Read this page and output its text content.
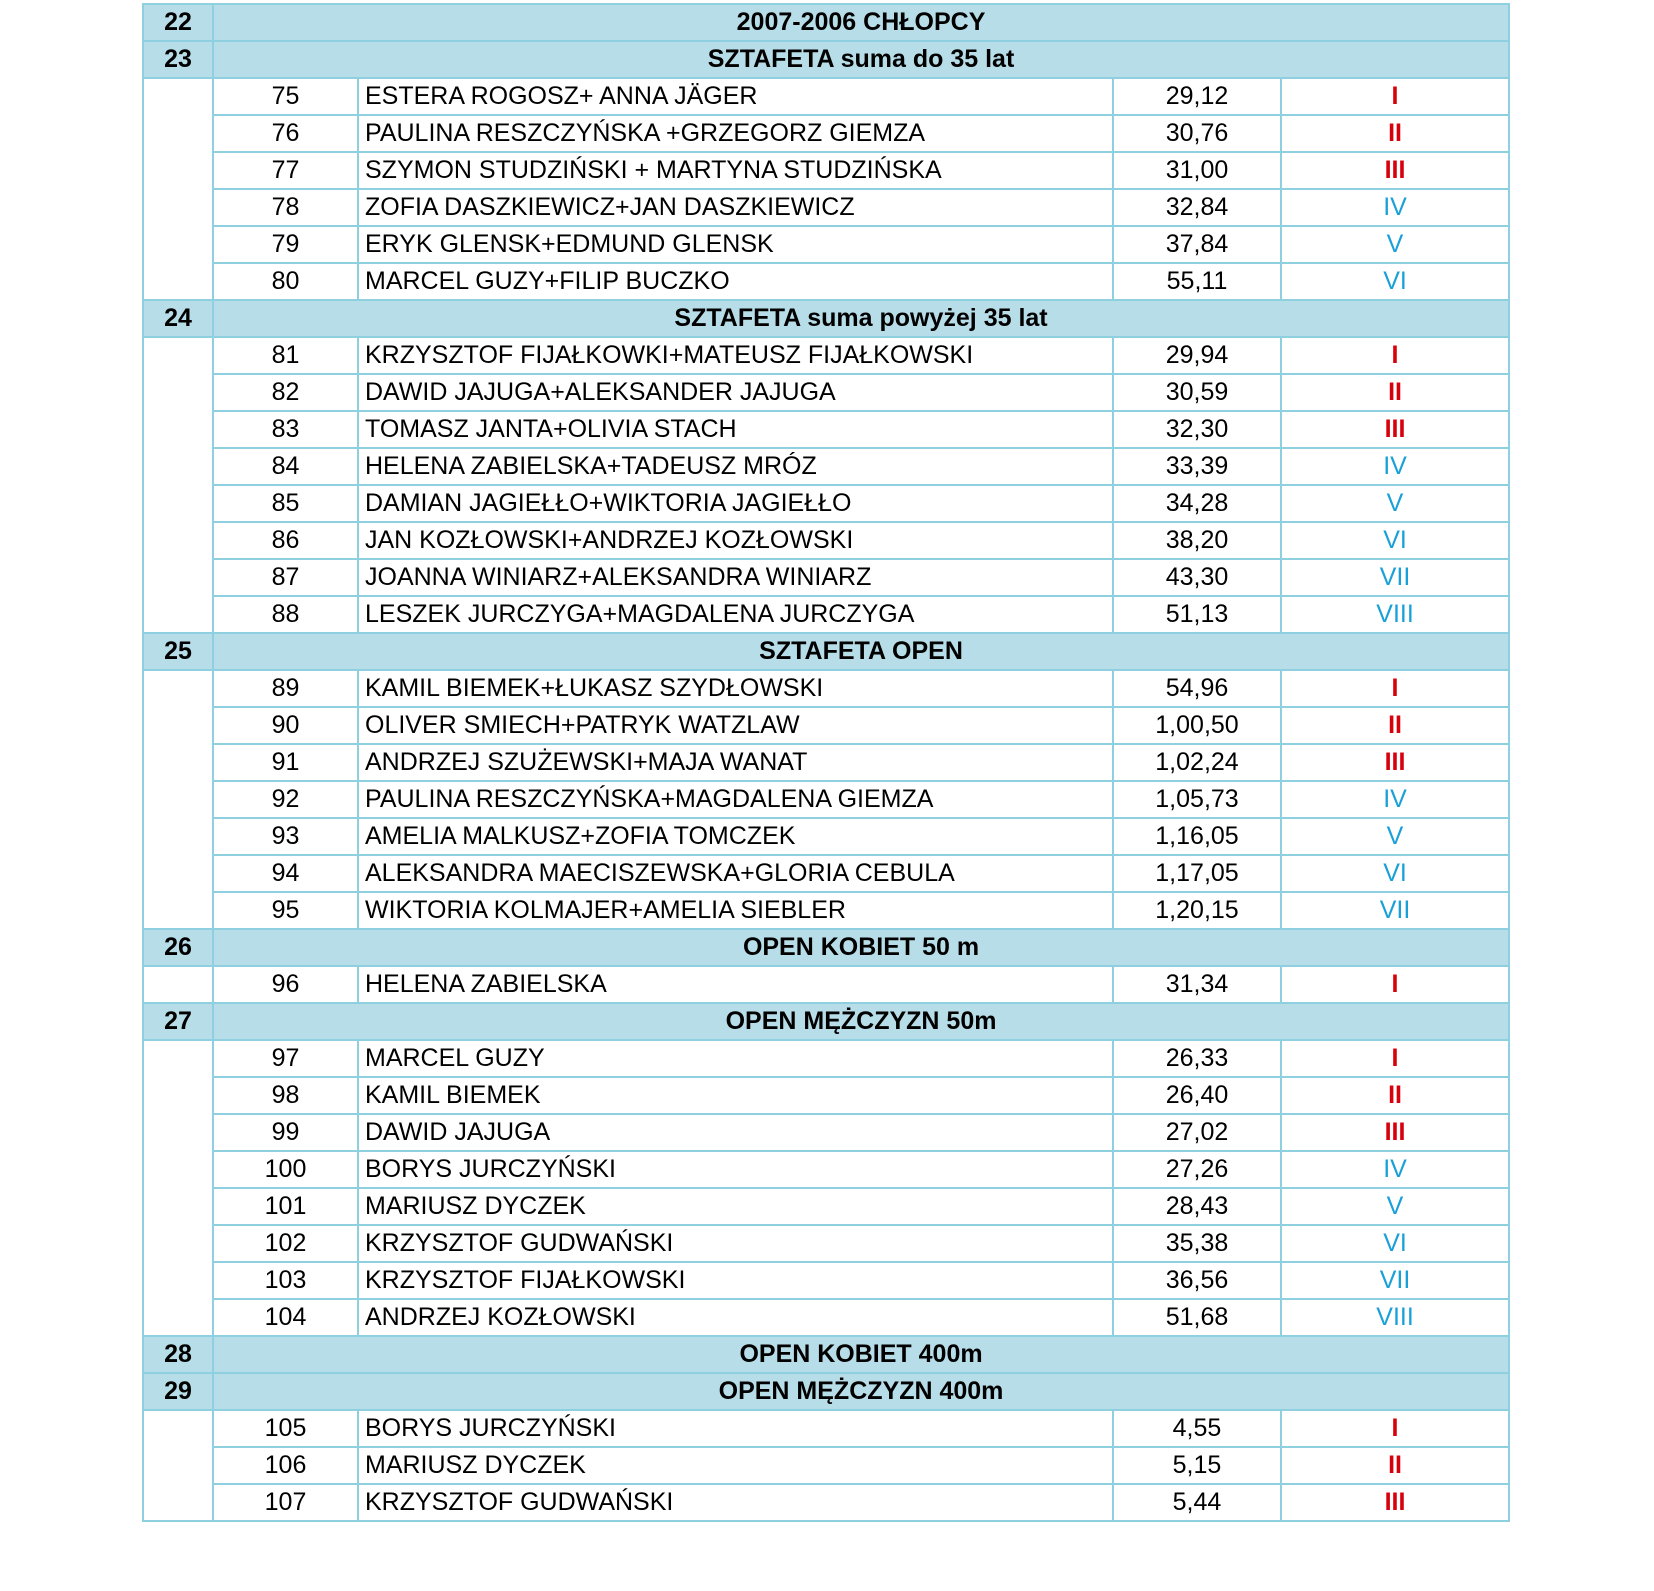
22	2007-2006 CHŁOPCY			
23	SZTAFETA suma do 35 lat			
	75	ESTERA ROGOSZ+ ANNA JÄGER	29,12	I
	76	PAULINA RESZCZYŃSKA +GRZEGORZ GIEMZA	30,76	II
	77	SZYMON STUDZIŃSKI + MARTYNA STUDZIŃSKA	31,00	III
	78	ZOFIA DASZKIEWICZ+JAN DASZKIEWICZ	32,84	IV
	79	ERYK GLENSK+EDMUND GLENSK	37,84	V
	80	MARCEL GUZY+FILIP BUCZKO	55,11	VI
24	SZTAFETA suma powyżej 35 lat			
	81	KRZYSZTOF FIJAŁKOWKI+MATEUSZ FIJAŁKOWSKI	29,94	I
	82	DAWID JAJUGA+ALEKSANDER JAJUGA	30,59	II
	83	TOMASZ JANTA+OLIVIA STACH	32,30	III
	84	HELENA ZABIELSKA+TADEUSZ MRÓZ	33,39	IV
	85	DAMIAN JAGIEŁŁO+WIKTORIA JAGIEŁŁO	34,28	V
	86	JAN KOZŁOWSKI+ANDRZEJ KOZŁOWSKI	38,20	VI
	87	JOANNA WINIARZ+ALEKSANDRA WINIARZ	43,30	VII
	88	LESZEK JURCZYGA+MAGDALENA JURCZYGA	51,13	VIII
25	SZTAFETA OPEN			
	89	KAMIL BIEMEK+ŁUKASZ SZYDŁOWSKI	54,96	I
	90	OLIVER SMIECH+PATRYK WATZLAW	1,00,50	II
	91	ANDRZEJ SZUŻEWSKI+MAJA WANAT	1,02,24	III
	92	PAULINA RESZCZYŃSKA+MAGDALENA GIEMZA	1,05,73	IV
	93	AMELIA MALKUSZ+ZOFIA TOMCZEK	1,16,05	V
	94	ALEKSANDRA MAECISZEWSKA+GLORIA CEBULA	1,17,05	VI
	95	WIKTORIA KOLMAJER+AMELIA SIEBLER	1,20,15	VII
26	OPEN KOBIET 50 m			
	96	HELENA ZABIELSKA	31,34	I
27	OPEN MĘŻCZYZN 50m			
	97	MARCEL GUZY	26,33	I
	98	KAMIL BIEMEK	26,40	II
	99	DAWID JAJUGA	27,02	III
	100	BORYS JURCZYŃSKI	27,26	IV
	101	MARIUSZ DYCZEK	28,43	V
	102	KRZYSZTOF GUDWAŃSKI	35,38	VI
	103	KRZYSZTOF FIJAŁKOWSKI	36,56	VII
	104	ANDRZEJ KOZŁOWSKI	51,68	VIII
28	OPEN KOBIET 400m			
29	OPEN MĘŻCZYZN 400m			
	105	BORYS JURCZYŃSKI	4,55	I
	106	MARIUSZ DYCZEK	5,15	II
	107	KRZYSZTOF GUDWAŃSKI	5,44	III
